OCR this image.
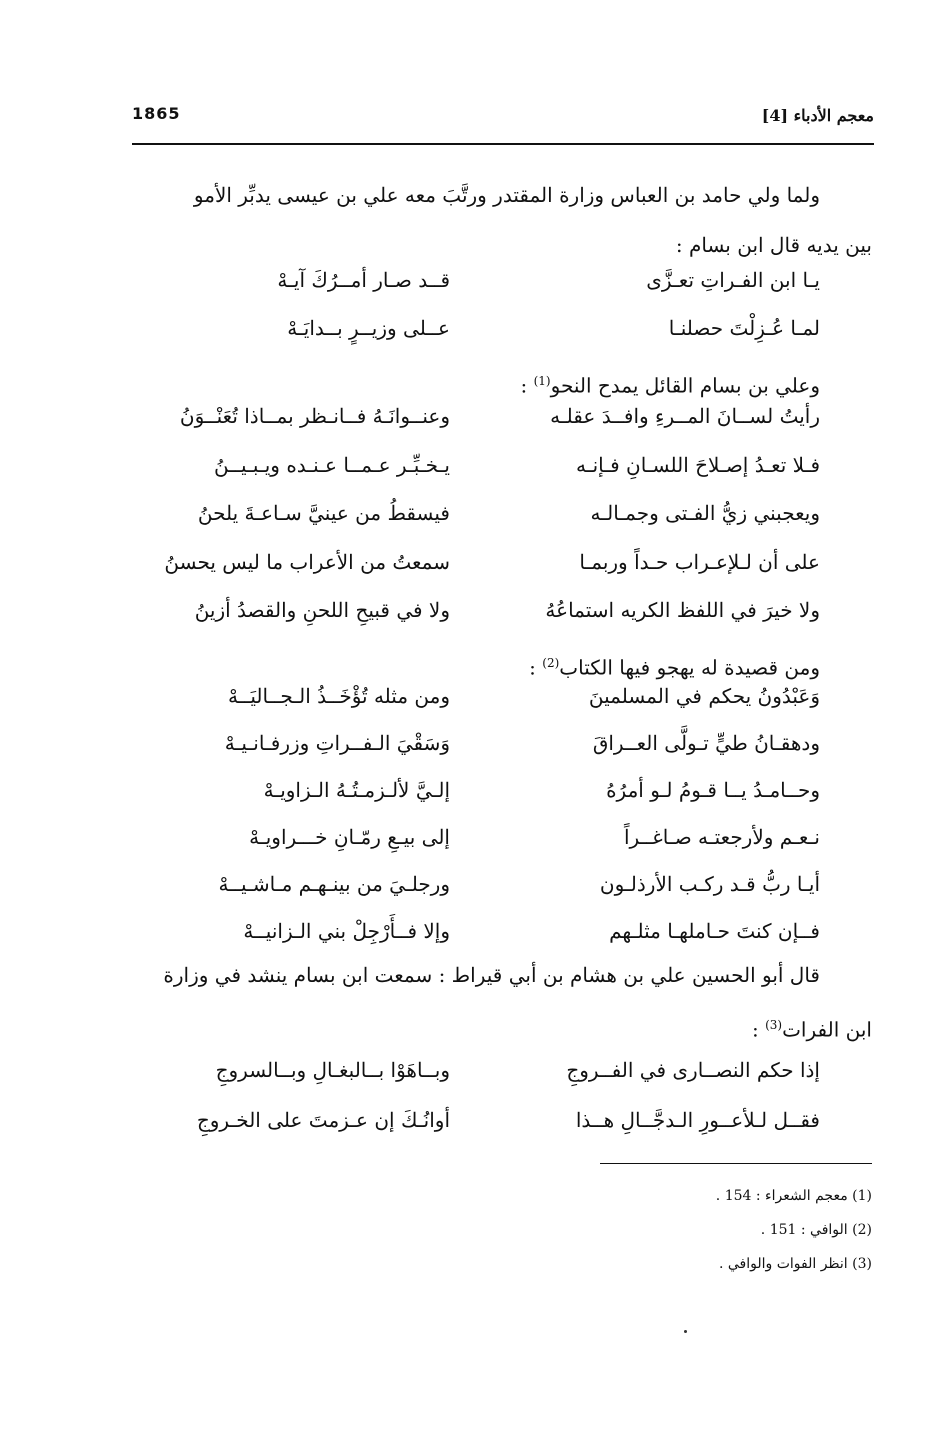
1865	معجم الأدباء [4]
ولما ولي حامد بن العباس وزارة المقتدر ورتَّبَ معه علي بن عيسى يدبِّر الأمو
بين يديه قال ابن بسام :
يـا ابن الفـراتِ تعـزَّى
قــد صـار أمــرُكَ آيـهْ
لمـا عُـزِلْتَ حصلنـا
عــلى وزيــرٍ بــدايَـهْ
وعلي بن بسام القائل يمدح النحو$^{(1)}$ :
رأيتُ لســانَ المــرءِ وافــدَ عقلـه
وعنــوانَـهُ فــانـظر بمــاذا تُعَنْــوَنُ
فـلا تعـدُ إصـلاحَ اللسـانِ فـإنـه
يـخـبِّـر عـمــا عـنـده ويـبـيــنُ
ويعجبني زيُّ الفـتى وجمـالـه
فيسقطُ من عينيَّ سـاعـةَ يلحنُ
على أن لـلإعـراب حـداً وربمـا
سمعتُ من الأعراب ما ليس يحسنُ
ولا خيرَ في اللفظ الكريه استماعُهُ
ولا في قبيحِ اللحنِ والقصدُ أزينُ
ومن قصيدة له يهجو فيها الكتاب$^{(2)}$ :
وَعَبْدُونُ يحكم في المسلمينَ
ومن مثله تُؤْخَــذُ الـجــاليَــهْ
ودهقـانُ طيٍّ تـولَّى العــراقَ
وَسَقْيَ الـفــراتِ وزرفـانـيـهْ
وحــامـدُ يــا قـومُ لـو أمرُهُ
إلـيَّ لألـزمـتُـهُ الـزاويـهْ
نـعـم ولأرجعتـه صـاغــراً
إلى بيـعِ رمّـانِ خـــراويـهْ
أيـا ربُّ قـد ركـب الأرذلـون
ورجلـيَ من بينـهـم مـاشـيــهْ
فــإن كنتَ حـاملهـا مثلـهم
وإلا فــأَرْجِلْ بني الـزانيــهْ
قال أبو الحسين علي بن هشام بن أبي قيراط : سمعت ابن بسام ينشد في وزارة
ابن الفرات$^{(3)}$ :
إذا حكم النصــارى في الفــروجِ
وبــاهَوْا بــالبغـالِ وبــالسروجِ
فقــل لـلأعــورِ الـدجَّــالِ هــذا
أوانُـكَ إن عـزمتَ على الخـروجِ
(1) معجم الشعراء : 154 .
(2) الوافي : 151 .
(3) انظر الفوات والوافي .
